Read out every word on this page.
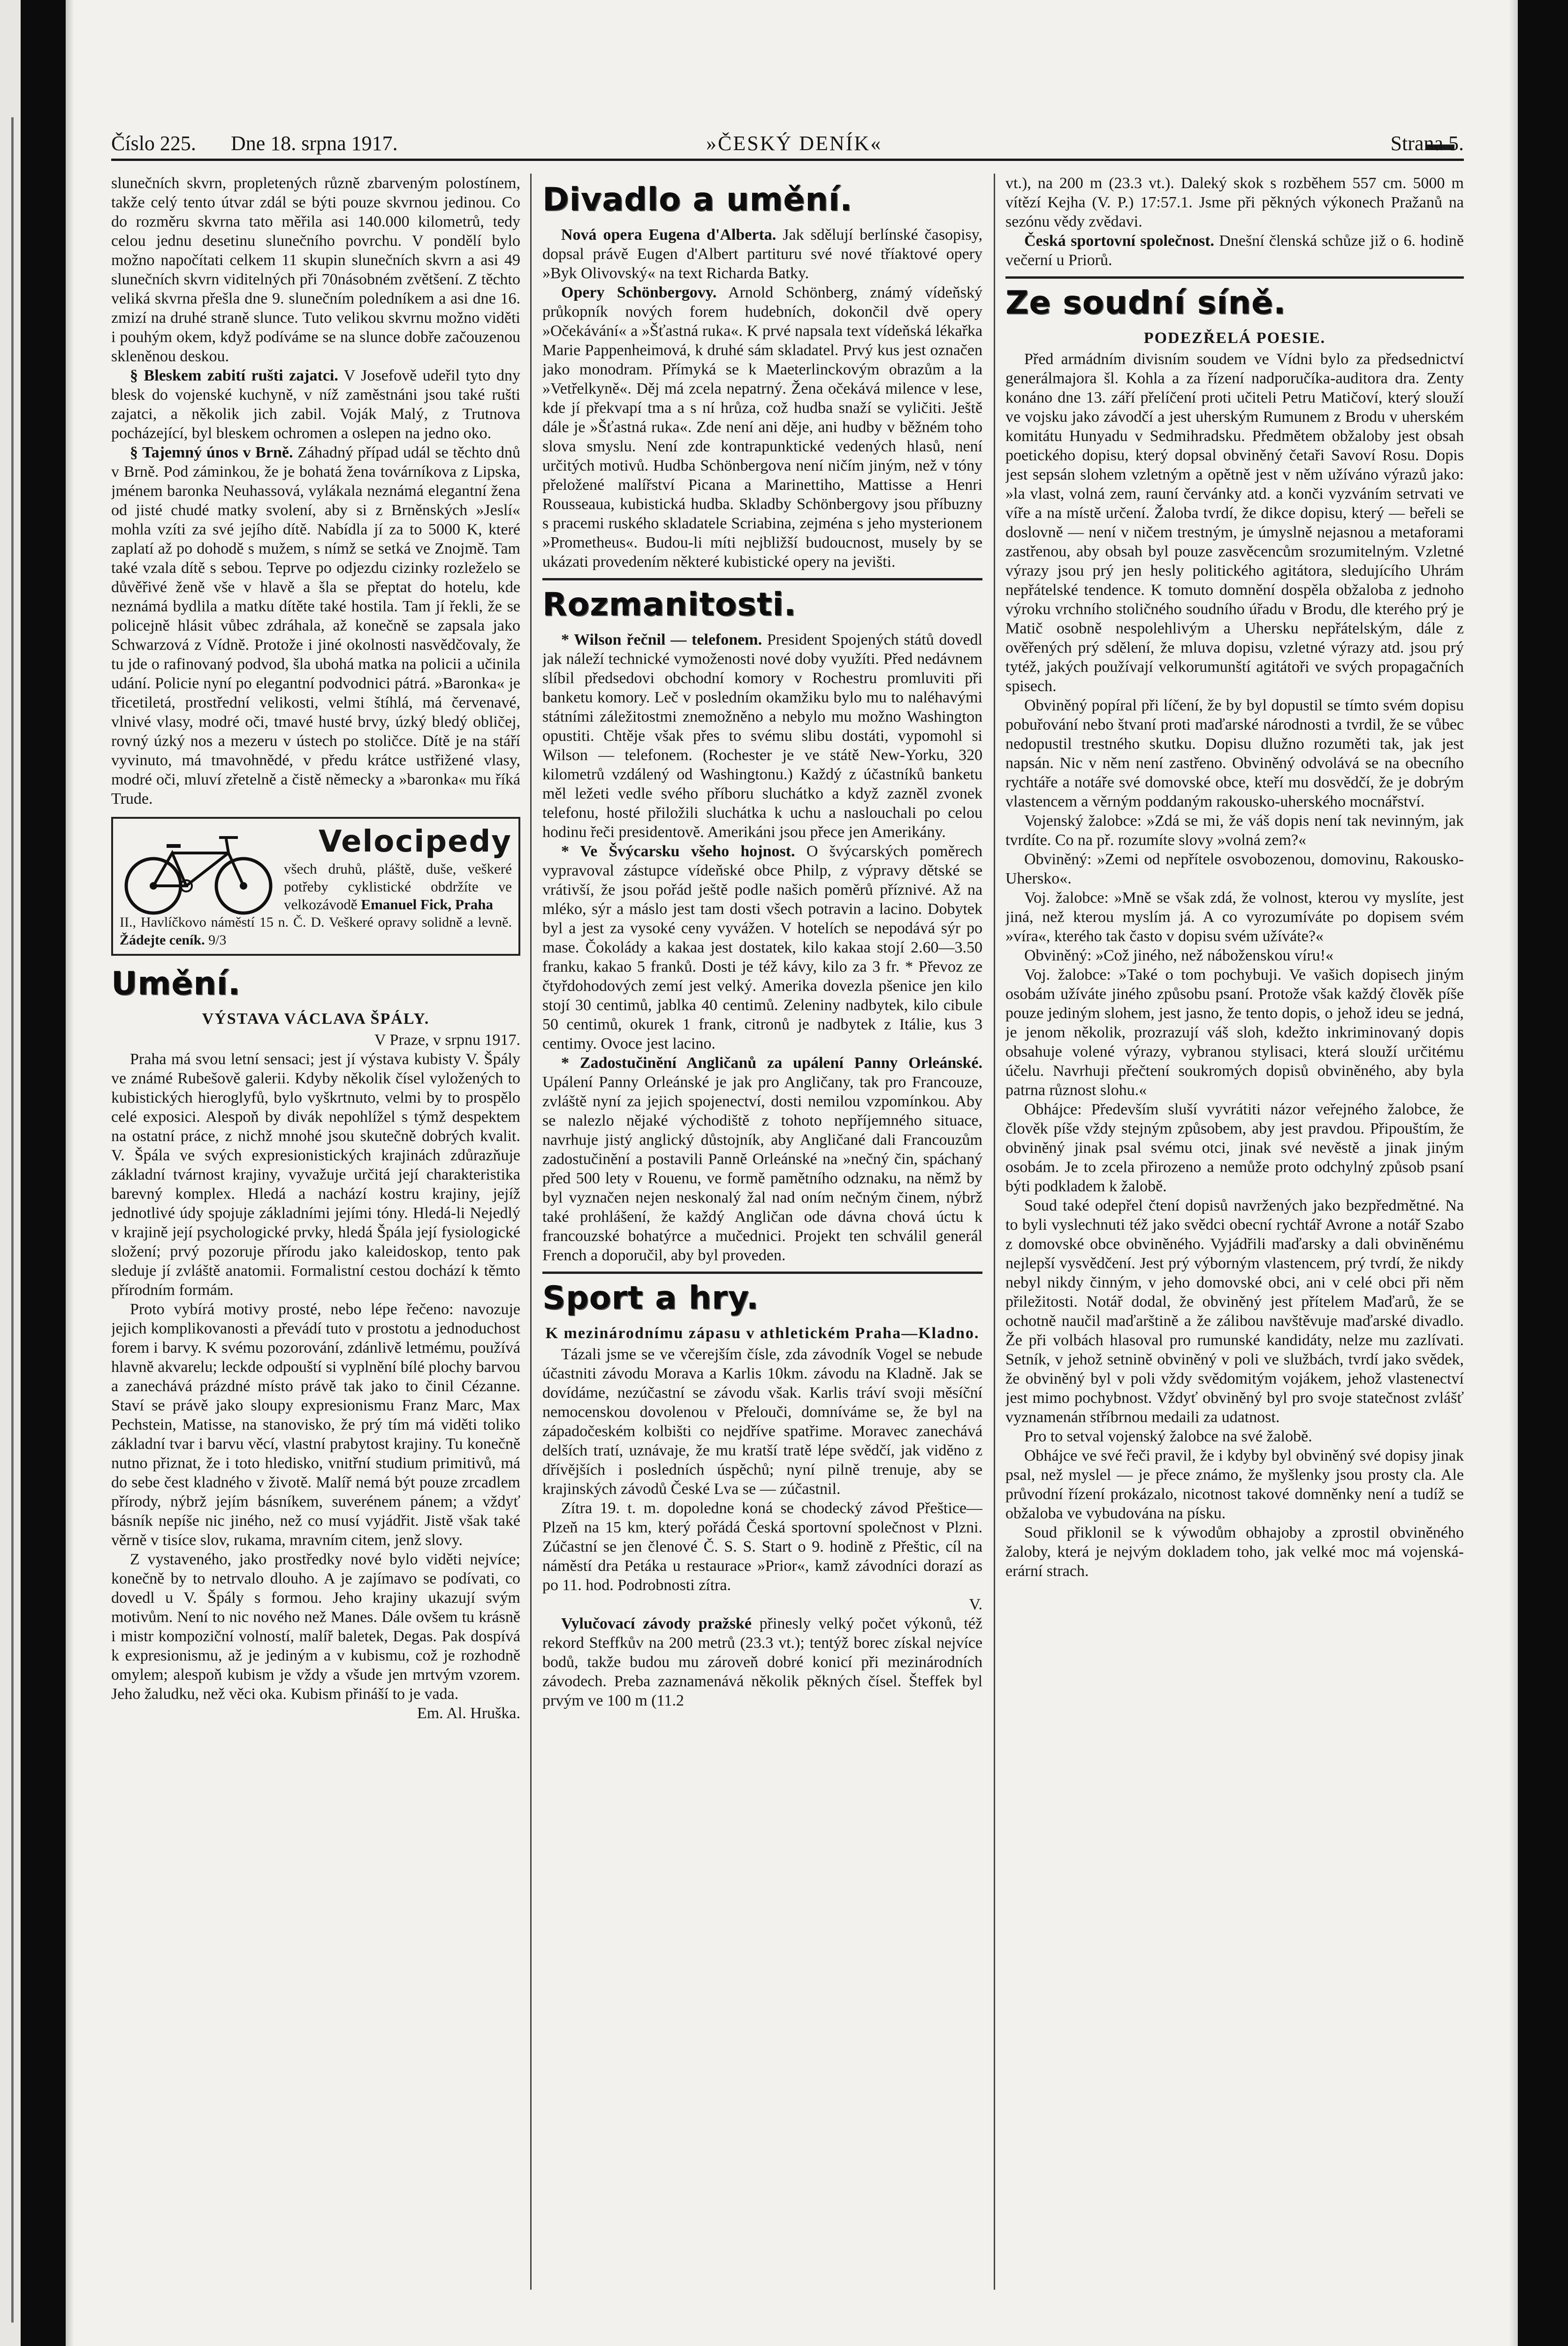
Číslo 225. Dne 18. srpna 1917.	»ČESKÝ DENÍK«	Strana 5.

slunečních skvrn, propletených různě zbarveným polostínem, takže celý tento útvar zdál se býti pouze skvrnou jedinou. Co do rozměru skvrna tato měřila asi 140.000 kilometrů, tedy celou jednu desetinu slunečního povrchu. V pondělí bylo možno napočítati celkem 11 skupin slunečních skvrn a asi 49 slunečních skvrn viditelných při 70násobném zvětšení. Z těchto veliká skvrna přešla dne 9. slunečním poledníkem a asi dne 16. zmizí na druhé straně slunce. Tuto velikou skvrnu možno viděti i pouhým okem, když podíváme se na slunce dobře začouzenou skleněnou deskou.

§ Bleskem zabití rušti zajatci. V Josefově udeřil tyto dny blesk do vojenské kuchyně, v níž zaměstnáni jsou také rušti zajatci, a několik jich zabil. Voják Malý, z Trutnova pocházející, byl bleskem ochromen a oslepen na jedno oko.

§ Tajemný únos v Brně. Záhadný případ udál se těchto dnů v Brně. Pod záminkou, že je bohatá žena továrníkova z Lipska, jménem baronka Neuhassová, vylákala neznámá elegantní žena od jisté chudé matky svolení, aby si z Brněnských »Jeslí« mohla vzíti za své jejího dítě. Nabídla jí za to 5000 K, které zaplatí až po dohodě s mužem, s nímž se setká ve Znojmě. Tam také vzala dítě s sebou. Teprve po odjezdu cizinky rozleželo se důvěřivé ženě vše v hlavě a šla se přeptat do hotelu, kde neznámá bydlila a matku dítěte také hostila. Tam jí řekli, že se policejně hlásit vůbec zdráhala, až konečně se zapsala jako Schwarzová z Vídně. Protože i jiné okolnosti nasvědčovaly, že tu jde o rafinovaný podvod, šla ubohá matka na policii a učinila udání. Policie nyní po elegantní podvodnici pátrá. »Baronka« je třicetiletá, prostřední velikosti, velmi štíhlá, má červenavé, vlnivé vlasy, modré oči, tmavé husté brvy, úzký bledý obličej, rovný úzký nos a mezeru v ústech po stoličce. Dítě je na stáří vyvinuto, má tmavohnědé, v předu krátce ustřižené vlasy, modré oči, mluví zřetelně a čistě německy a »baronka« mu říká Trude.

Velocipedy
všech druhů, pláště, duše, veškeré potřeby cyklistické obdržíte ve velkozávodě Emanuel Fick, Praha
II., Havlíčkovo náměstí 15 n. Č. D. Veškeré opravy solidně a levně. Žádejte ceník. 9/3
Umění.
VÝSTAVA VÁCLAVA ŠPÁLY.

V Praze, v srpnu 1917.

Praha má svou letní sensaci; jest jí výstava kubisty V. Špály ve známé Rubešově galerii. Kdyby několik čísel vyložených to kubistických hieroglyfů, bylo vyškrtnuto, velmi by to prospělo celé exposici. Alespoň by divák nepohlížel s týmž despektem na ostatní práce, z nichž mnohé jsou skutečně dobrých kvalit. V. Špála ve svých expresionistických krajinách zdůrazňuje základní tvárnost krajiny, vyvažuje určitá její charakteristika barevný komplex. Hledá a nachází kostru krajiny, jejíž jednotlivé údy spojuje základními jejími tóny. Hledá-li Nejedlý v krajině její psychologické prvky, hledá Špála její fysiologické složení; prvý pozoruje přírodu jako kaleidoskop, tento pak sleduje jí zvláště anatomii. Formalistní cestou dochází k těmto přírodním formám.

Proto vybírá motivy prosté, nebo lépe řečeno: navozuje jejich komplikovanosti a převádí tuto v prostotu a jednoduchost forem i barvy. K svému pozorování, zdánlivě letmému, používá hlavně akvarelu; leckde odpouští si vyplnění bílé plochy barvou a zanechává prázdné místo právě tak jako to činil Cézanne. Staví se právě jako sloupy expresionismu Franz Marc, Max Pechstein, Matisse, na stanovisko, že prý tím má viděti toliko základní tvar i barvu věcí, vlastní prabytost krajiny. Tu konečně nutno přiznat, že i toto hledisko, vnitřní studium primitivů, má do sebe čest kladného v životě. Malíř nemá být pouze zrcadlem přírody, nýbrž jejím básníkem, suverénem pánem; a vždyť básník nepíše nic jiného, než co musí vyjádřit. Jistě však také věrně v tisíce slov, rukama, mravním citem, jenž slovy.

Z vystaveného, jako prostředky nové bylo viděti nejvíce; konečně by to netrvalo dlouho. A je zajímavo se podívati, co dovedl u V. Špály s formou. Jeho krajiny ukazují svým motivům. Není to nic nového než Manes. Dále ovšem tu krásně i mistr kompoziční volností, malíř baletek, Degas. Pak dospívá k expresionismu, až je jediným a v kubismu, což je rozhodně omylem; alespoň kubism je vždy a všude jen mrtvým vzorem. Jeho žaludku, než věci oka. Kubism přináší to je vada.

Em. Al. Hruška.

Divadlo a umění.

Nová opera Eugena d'Alberta. Jak sdělují berlínské časopisy, dopsal právě Eugen d'Albert partituru své nové tříaktové opery »Byk Olivovský« na text Richarda Batky.

Opery Schönbergovy. Arnold Schönberg, známý vídeňský průkopník nových forem hudebních, dokončil dvě opery »Očekávání« a »Šťastná ruka«. K prvé napsala text vídeňská lékařka Marie Pappenheimová, k druhé sám skladatel. Prvý kus jest označen jako monodram. Přímyká se k Maeterlinckovým obrazům a la »Vetřelkyně«. Děj má zcela nepatrný. Žena očekává milence v lese, kde jí překvapí tma a s ní hrůza, což hudba snaží se vyličiti. Ještě dále je »Šťastná ruka«. Zde není ani děje, ani hudby v běžném toho slova smyslu. Není zde kontrapunktické vedených hlasů, není určitých motivů. Hudba Schönbergova není ničím jiným, než v tóny přeložené malířství Picana a Marinettiho, Mattisse a Henri Rousseaua, kubistická hudba. Skladby Schönbergovy jsou příbuzny s pracemi ruského skladatele Scriabina, zejména s jeho mysterionem »Prometheus«. Budou-li míti nejbližší budoucnost, musely by se ukázati provedením některé kubistické opery na jevišti.

Rozmanitosti.

* Wilson řečnil — telefonem. President Spojených států dovedl jak náleží technické vymoženosti nové doby využíti. Před nedávnem slíbil předsedovi obchodní komory v Rochestru promluviti při banketu komory. Leč v posledním okamžiku bylo mu to naléhavými státními záležitostmi znemožněno a nebylo mu možno Washington opustiti. Chtěje však přes to svému slibu dostáti, vypomohl si Wilson — telefonem. (Rochester je ve státě New-Yorku, 320 kilometrů vzdálený od Washingtonu.) Každý z účastníků banketu měl ležeti vedle svého příboru sluchátko a když zazněl zvonek telefonu, hosté přiložili sluchátka k uchu a naslouchali po celou hodinu řeči presidentově. Amerikáni jsou přece jen Amerikány.

* Ve Švýcarsku všeho hojnost. O švýcarských poměrech vypravoval zástupce vídeňské obce Philp, z výpravy dětské se vrátivší, že jsou pořád ještě podle našich poměrů příznivé. Až na mléko, sýr a máslo jest tam dosti všech potravin a lacino. Dobytek byl a jest za vysoké ceny vyvážen. V hotelích se nepodává sýr po mase. Čokolády a kakaa jest dostatek, kilo kakaa stojí 2.60—3.50 franku, kakao 5 franků. Dosti je též kávy, kilo za 3 fr. * Převoz ze čtyřdohodových zemí jest velký. Amerika dovezla pšenice jen kilo stojí 30 centimů, jablka 40 centimů. Zeleniny nadbytek, kilo cibule 50 centimů, okurek 1 frank, citronů je nadbytek z Itálie, kus 3 centimy. Ovoce jest lacino.

* Zadostučinění Angličanů za upálení Panny Orleánské. Upálení Panny Orleánské je jak pro Angličany, tak pro Francouze, zvláště nyní za jejich spojenectví, dosti nemilou vzpomínkou. Aby se nalezlo nějaké východiště z tohoto nepříjemného situace, navrhuje jistý anglický důstojník, aby Angličané dali Francouzům zadostučinění a postavili Panně Orleánské na »nečný čin, spáchaný před 500 lety v Rouenu, ve formě pamětního odznaku, na němž by byl vyznačen nejen neskonalý žal nad oním nečným činem, nýbrž také prohlášení, že každý Angličan ode dávna chová úctu k francouzské bohatýrce a mučednici. Projekt ten schválil generál French a doporučil, aby byl proveden.

Sport a hry.
K mezinárodnímu zápasu v athletickém Praha—Kladno.

Tázali jsme se ve včerejším čísle, zda závodník Vogel se nebude účastniti závodu Morava a Karlis 10km. závodu na Kladně. Jak se dovídáme, nezúčastní se závodu však. Karlis tráví svoji měsíční nemocenskou dovolenou v Přelouči, domníváme se, že byl na západočeském kolbišti co nejdříve spatřime. Moravec zanechává delších tratí, uznávaje, že mu kratší tratě lépe svědčí, jak viděno z dřívějších i posledních úspěchů; nyní pilně trenuje, aby se krajinských závodů České Lva se — zúčastnil.

Zítra 19. t. m. dopoledne koná se chodecký závod Přeštice—Plzeň na 15 km, který pořádá Česká sportovní společnost v Plzni. Zúčastní se jen členové Č. S. S. Start o 9. hodině z Přeštic, cíl na náměstí dra Petáka u restaurace »Prior«, kamž závodníci dorazí as po 11. hod. Podrobnosti zítra.

V.

Vylučovací závody pražské přinesly velký počet výkonů, též rekord Steffkův na 200 metrů (23.3 vt.); tentýž borec získal nejvíce bodů, takže budou mu zároveň dobré konicí při mezinárodních závodech. Preba zaznamenává několik pěkných čísel. Šteffek byl prvým ve 100 m (11.2

vt.), na 200 m (23.3 vt.). Daleký skok s rozběhem 557 cm. 5000 m vítězí Kejha (V. P.) 17:57.1. Jsme při pěkných výkonech Pražanů na sezónu vědy zvědavi.

Česká sportovní společnost. Dnešní členská schůze již o 6. hodině večerní u Priorů.

Ze soudní síně.
PODEZŘELÁ POESIE.

Před armádním divisním soudem ve Vídni bylo za předsednictví generálmajora šl. Kohla a za řízení nadporučíka-auditora dra. Zenty konáno dne 13. září přelíčení proti učiteli Petru Matičoví, který slouží ve vojsku jako závodčí a jest uherským Rumunem z Brodu v uherském komitátu Hunyadu v Sedmihradsku. Předmětem obžaloby jest obsah poetického dopisu, který dopsal obviněný četaři Savoví Rosu. Dopis jest sepsán slohem vzletným a opětně jest v něm užíváno výrazů jako: »la vlast, volná zem, rauní červánky atd. a konči vyzváním setrvati ve víře a na místě určení. Žaloba tvrdí, že dikce dopisu, který — beřeli se doslovně — není v ničem trestným, je úmyslně nejasnou a metaforami zastřenou, aby obsah byl pouze zasvěcencům srozumitelným. Vzletné výrazy jsou prý jen hesly politického agitátora, sledujícího Uhrám nepřátelské tendence. K tomuto domnění dospěla obžaloba z jednoho výroku vrchního stoličného soudního úřadu v Brodu, dle kterého prý je Matič osobně nespolehlivým a Uhersku nepřátelským, dále z ověřených prý sdělení, že mluva dopisu, vzletné výrazy atd. jsou prý tytéž, jakých používají velkorumunští agitátoři ve svých propagačních spisech.

Obviněný popíral při líčení, že by byl dopustil se tímto svém dopisu pobuřování nebo štvaní proti maďarské národnosti a tvrdil, že se vůbec nedopustil trestného skutku. Dopisu dlužno rozuměti tak, jak jest napsán. Nic v něm není zastřeno. Obviněný odvolává se na obecního rychtáře a notáře své domovské obce, kteří mu dosvědčí, že je dobrým vlastencem a věrným poddaným rakousko-uherského mocnářství.

Vojenský žalobce: »Zdá se mi, že váš dopis není tak nevinným, jak tvrdíte. Co na př. rozumíte slovy »volná zem?«

Obviněný: »Zemi od nepřítele osvobozenou, domovinu, Rakousko-Uhersko«.

Voj. žalobce: »Mně se však zdá, že volnost, kterou vy myslíte, jest jiná, než kterou myslím já. A co vyrozumíváte po dopisem svém »víra«, kterého tak často v dopisu svém užíváte?«

Obviněný: »Což jiného, než náboženskou víru!«

Voj. žalobce: »Také o tom pochybuji. Ve vašich dopisech jiným osobám užíváte jiného způsobu psaní. Protože však každý člověk píše pouze jediným slohem, jest jasno, že tento dopis, o jehož ideu se jedná, je jenom několik, prozrazují váš sloh, kdežto inkriminovaný dopis obsahuje volené výrazy, vybranou stylisaci, která slouží určitému účelu. Navrhuji přečtení soukromých dopisů obviněného, aby byla patrna různost slohu.«

Obhájce: Především sluší vyvrátiti názor veřejného žalobce, že člověk píše vždy stejným způsobem, aby jest pravdou. Připouštím, že obviněný jinak psal svému otci, jinak své nevěstě a jinak jiným osobám. Je to zcela přirozeno a nemůže proto odchylný způsob psaní býti podkladem k žalobě.

Soud také odepřel čtení dopisů navržených jako bezpředmětné. Na to byli vyslechnuti též jako svědci obecní rychtář Avrone a notář Szabo z domovské obce obviněného. Vyjádřili maďarsky a dali obviněnému nejlepší vysvědčení. Jest prý výborným vlastencem, prý tvrdí, že nikdy nebyl nikdy činným, v jeho domovské obci, ani v celé obci při něm přiležitosti. Notář dodal, že obviněný jest přítelem Maďarů, že se ochotně naučil maďarštině a že zálibou navštěvuje maďarské divadlo. Že při volbách hlasoval pro rumunské kandidáty, nelze mu zazlívati. Setník, v jehož setnině obviněný v poli ve službách, tvrdí jako svědek, že obviněný byl v poli vždy svědomitým vojákem, jehož vlastenectví jest mimo pochybnost. Vždyť obviněný byl pro svoje statečnost zvlášť vyznamenán stříbrnou medaili za udatnost.

Pro to setval vojenský žalobce na své žalobě.

Obhájce ve své řeči pravil, že i kdyby byl obviněný své dopisy jinak psal, než myslel — je přece známo, že myšlenky jsou prosty cla. Ale průvodní řízení prokázalo, nicotnost takové domněnky není a tudíž se obžaloba ve vybudována na písku.

Soud přiklonil se k výwodům obhajoby a zprostil obviněného žaloby, která je nejvým dokladem toho, jak velké moc má vojenská-erární strach.
